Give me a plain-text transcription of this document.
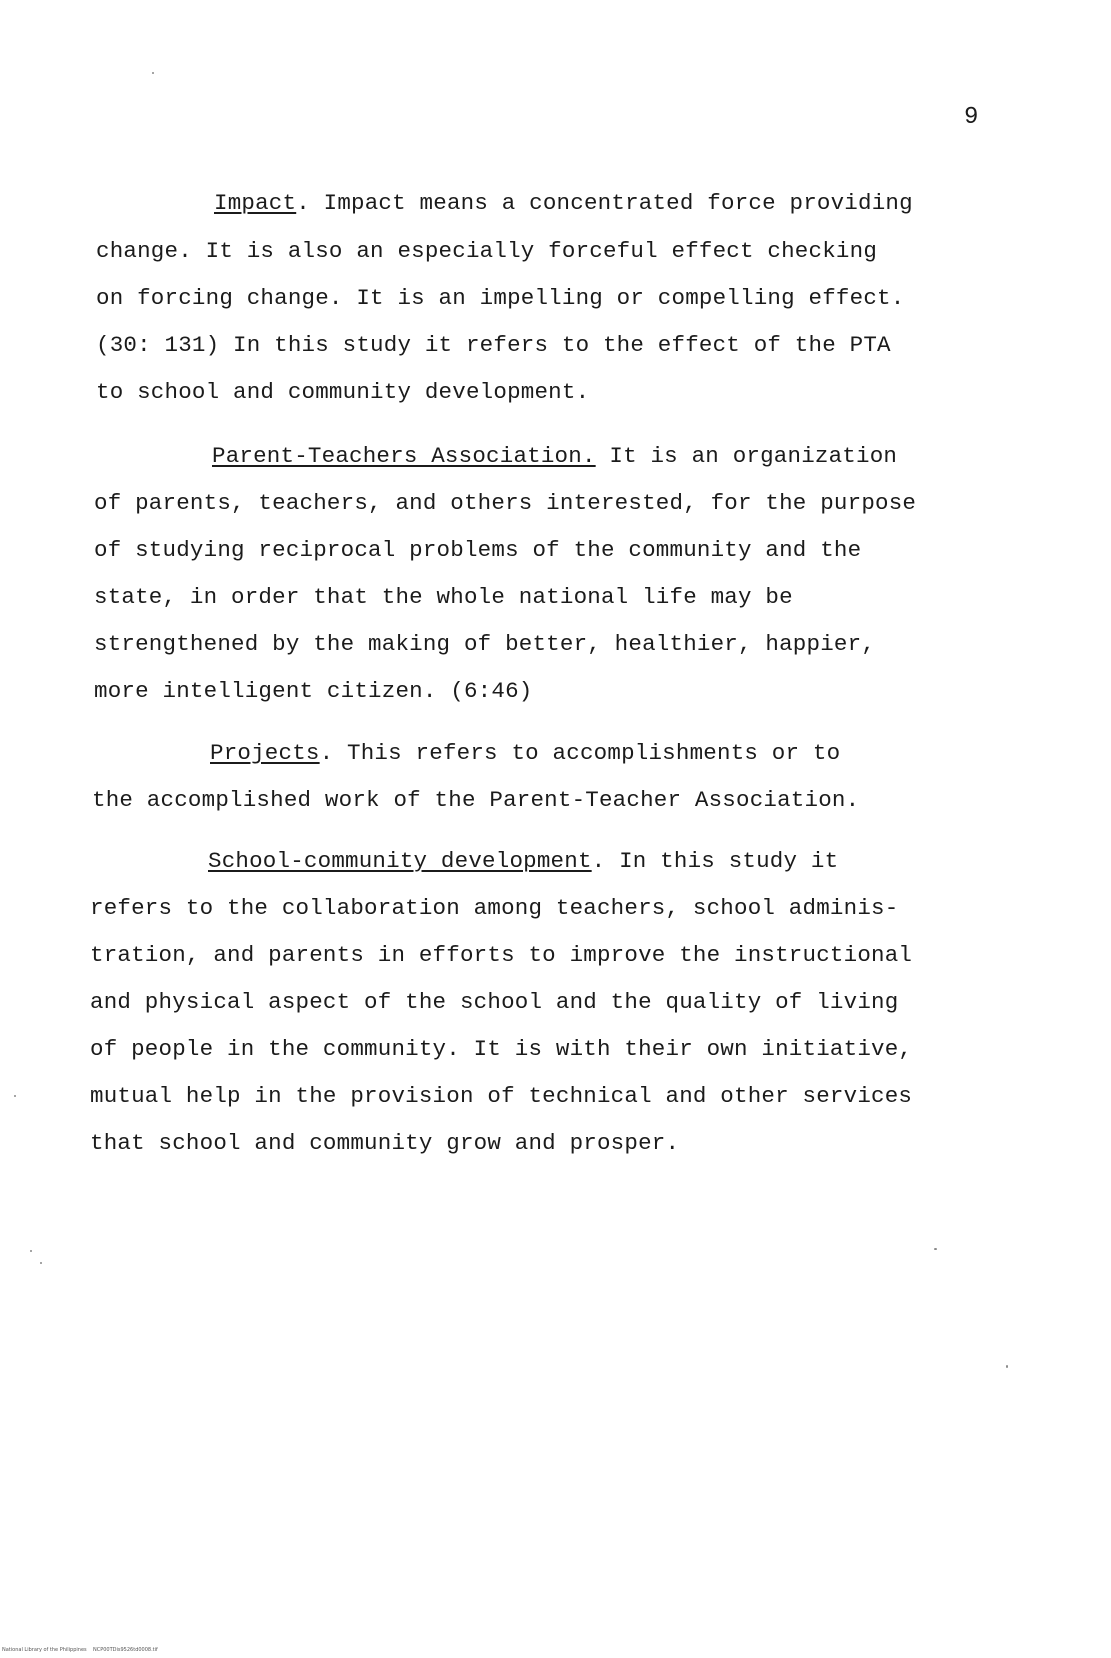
9
Impact. Impact means a concentrated force providing
change. It is also an especially forceful effect checking
on forcing change. It is an impelling or compelling effect.
(30: 131) In this study it refers to the effect of the PTA
to school and community development.
Parent-Teachers Association. It is an organization
of parents, teachers, and others interested, for the purpose
of studying reciprocal problems of the community and the
state, in order that the whole national life may be
strengthened by the making of better, healthier, happier,
more intelligent citizen. (6:46)
Projects. This refers to accomplishments or to
the accomplished work of the Parent-Teacher Association.
School-community development. In this study it
refers to the collaboration among teachers, school adminis-
tration, and parents in efforts to improve the instructional
and physical aspect of the school and the quality of living
of people in the community. It is with their own initiative,
mutual help in the provision of technical and other services
that school and community grow and prosper.
National Library of the Philippines    NCP00TDis9526td0008.tif
